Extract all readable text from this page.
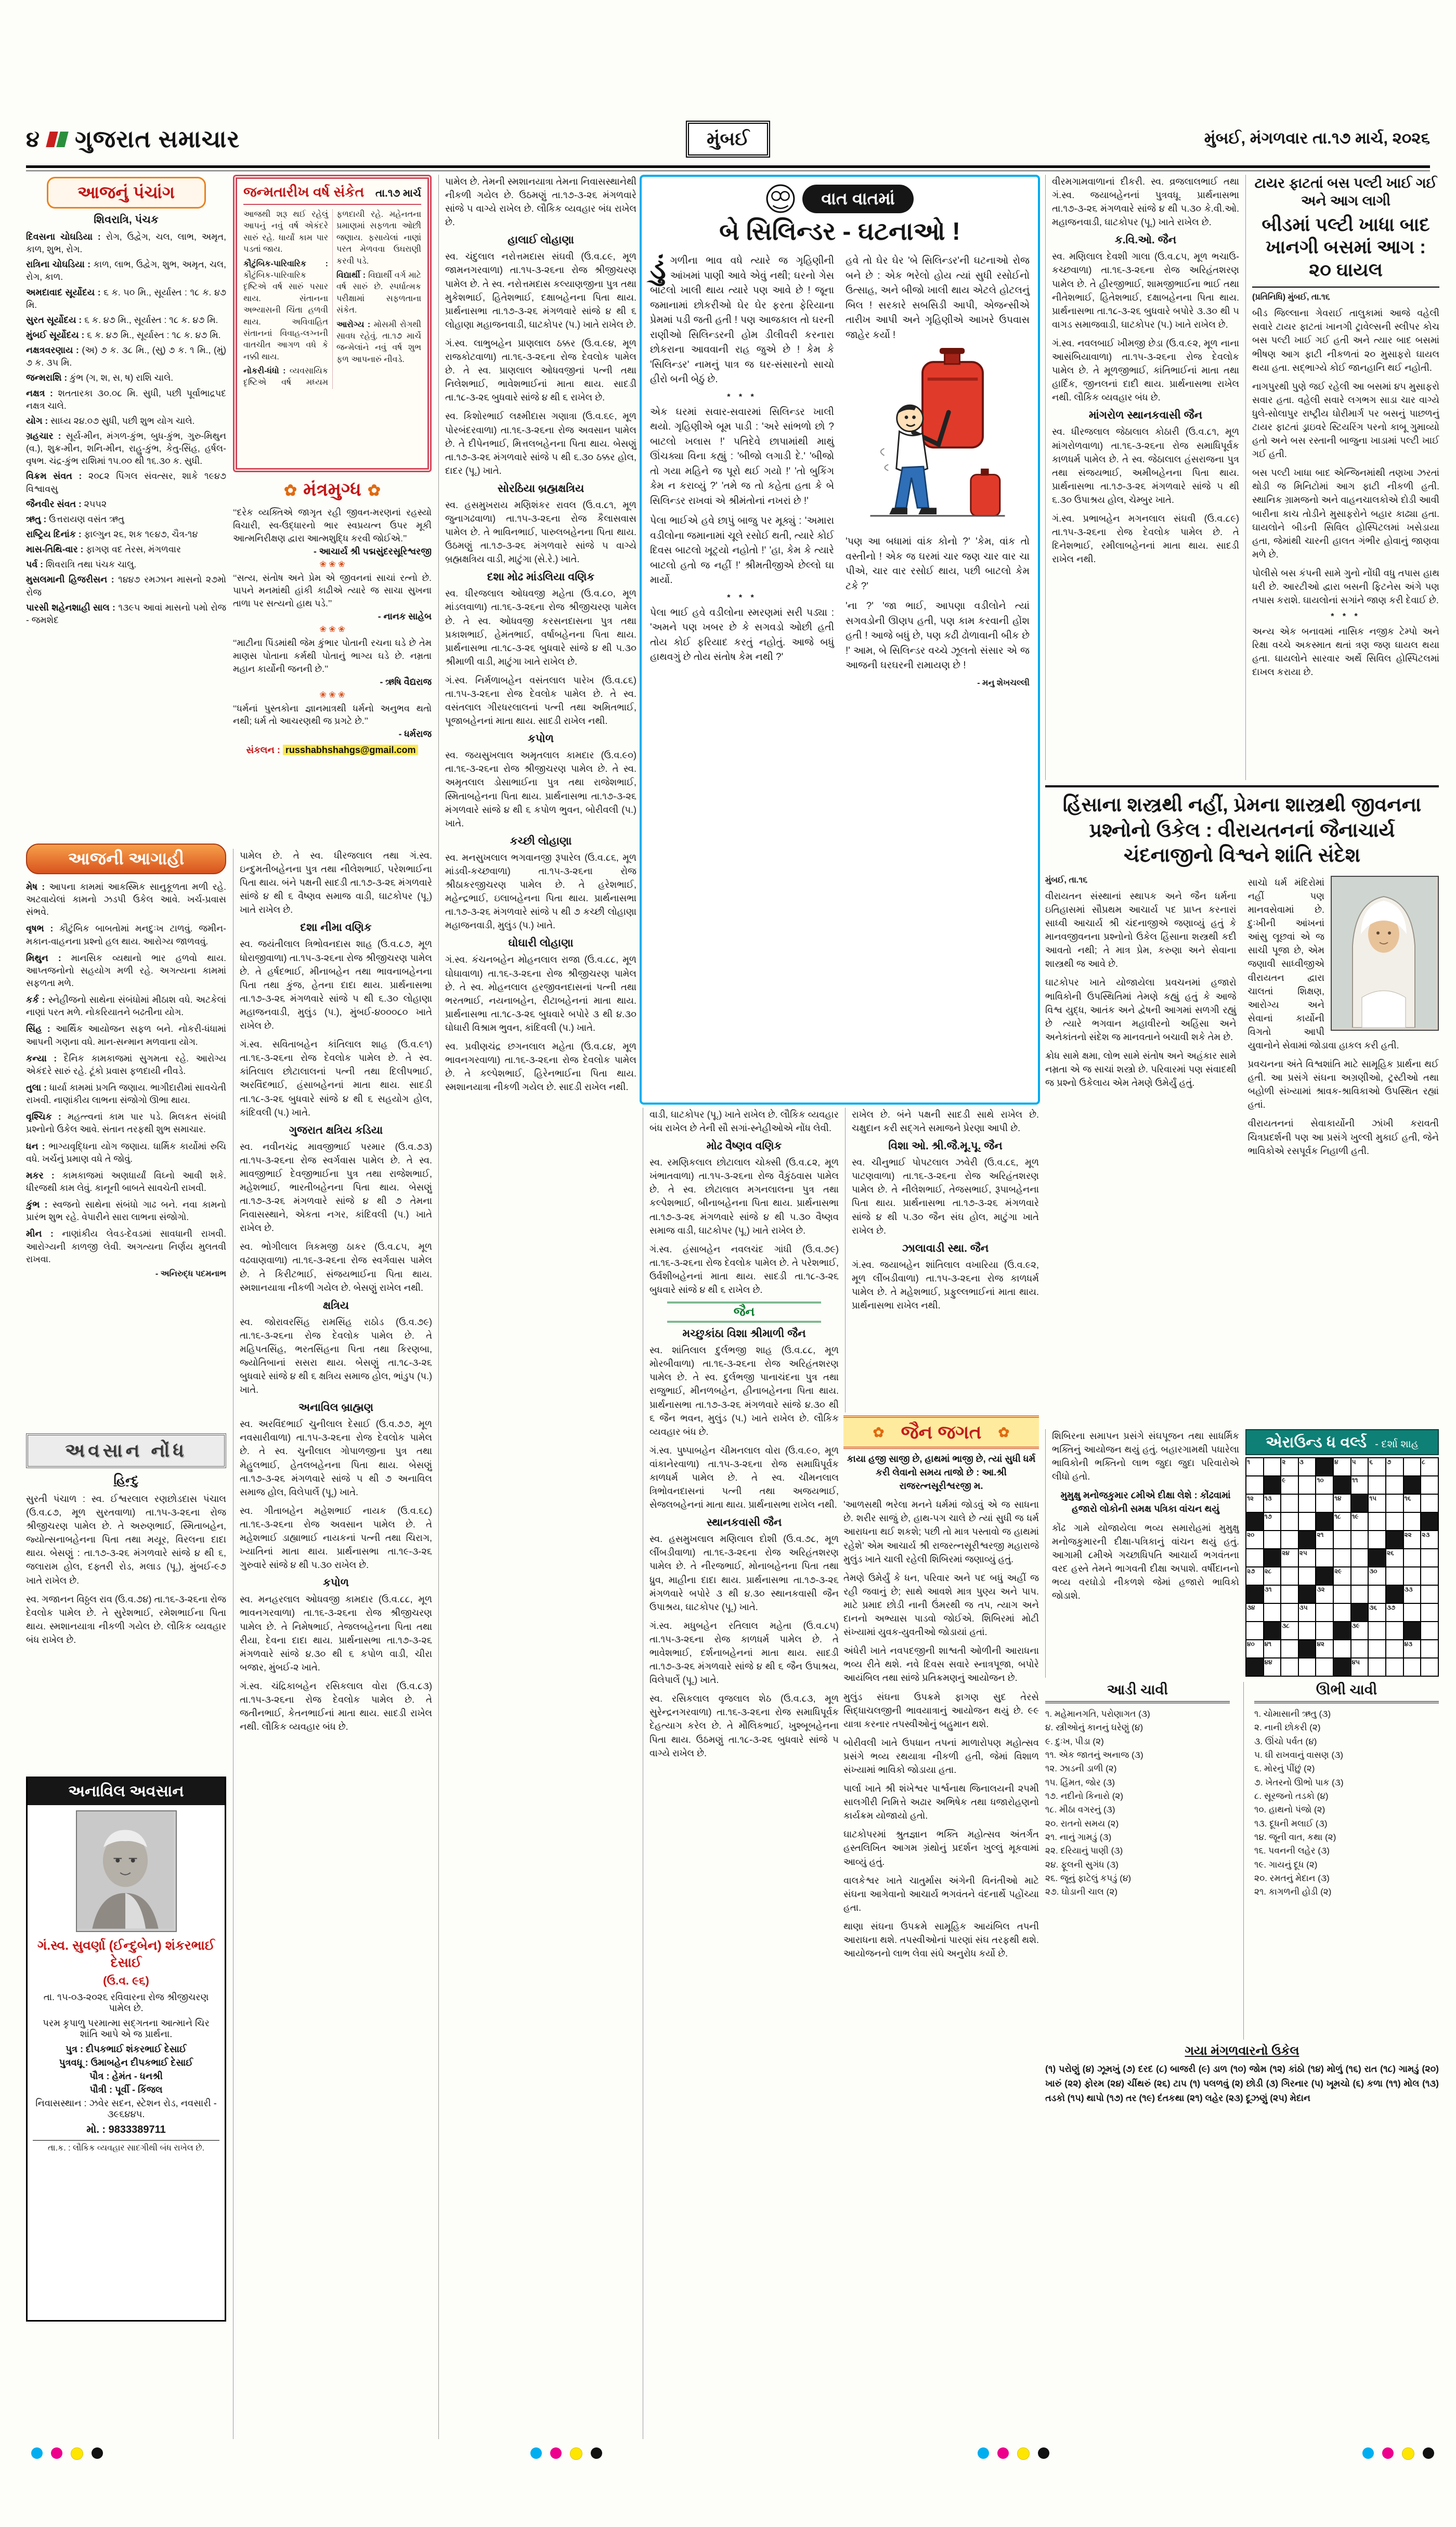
૪ ગુજરાત સમાચાર	મુંબઈ	મુંબઈ, મંગળવાર તા.૧૭ માર્ચ, ૨૦૨૬
આજનું પંચાંગ
શિવરાત્રિ, પંચક
દિવસના ચોઘડિયા : રોગ, ઉદ્વેગ, ચલ, લાભ, અમૃત, કાળ, શુભ, રોગ.
રાત્રિના ચોઘડિયા : કાળ, લાભ, ઉદ્વેગ, શુભ, અમૃત, ચલ, રોગ, કાળ.
અમદાવાદ સૂર્યોદય : ૬ ક. ૫૦ મિ., સૂર્યાસ્ત : ૧૮ ક. ૪૭ મિ.
સુરત સૂર્યોદય : ૬ ક. ૪૭ મિ., સૂર્યાસ્ત : ૧૮ ક. ૪૭ મિ.
મુંબઈ સૂર્યોદય : ૬ ક. ૪૭ મિ., સૂર્યાસ્ત : ૧૮ ક. ૪૭ મિ.
નક્ષત્રવરણાય : (અ) ૭ ક. ૩૮ મિ., (સુ) ૭ ક. ૧ મિ., (મું) ૭ ક. ૩૫ મિ.
જન્મરાશિ : કુંભ (ગ, શ, સ, ષ) રાશિ ચાલે.
નક્ષત્ર : શતતારકા ૩૦.૦૮ મિ. સુધી, પછી પૂર્વાભાદ્રપદ નક્ષત્ર ચાલે.
યોગ : સાધ્ય ૨૪.૦૭ સુધી, પછી શુભ યોગ ચાલે.
ગ્રહચાર : સૂર્ય-મીન, મંગળ-કુંભ, બુધ-કુંભ, ગુરુ-મિથુન (વ.), શુક્ર-મીન, શનિ-મીન, રાહુ-કુંભ, કેતુ-સિંહ, હર્ષલ-વૃષભ. ચંદ્ર-કુંભ રાશિમાં ૧૫.૦૦ થી ૧૬.૩૦ ક. સુધી.
વિક્રમ સંવત : ૨૦૮૨ પિંગલ સંવત્સર, શાકે ૧૯૪૭ વિશ્વાવસુ
જૈનવીર સંવત : ૨૫૫૨
ઋતુ : ઉત્તરાયણ વસંત ઋતુ
રાષ્ટ્રિય દિનાંક : ફાલ્ગુન ૨૬, શક ૧૯૪૭, ચૈત્ર-૧૪
માસ-તિથિ-વાર : ફાગણ વદ તેરસ, મંગળવાર
પર્વ : શિવરાત્રિ તથા પંચક ચાલુ.
મુસલમાની હિજરીસન : ૧૪૪૭ રમઝાન માસનો ૨૭મો રોજ
પારસી શહેનશાહી સાલ : ૧૩૯૫ આવાં માસનો ૫મો રોજ - જમશેદ
આજની આગાહી
મેષ : આપના કામમાં આકસ્મિક સાનુકૂળતા મળી રહે. અટવાયેલાં કામનો ઝડપી ઉકેલ આવે. ખર્ચ-પ્રવાસ સંભવે.
વૃષભ : કૌટુંબિક બાબતોમાં મનદુઃખ ટાળવું. જમીન-મકાન-વાહનના પ્રશ્નો હલ થાય. આરોગ્ય જાળવવું.
મિથુન : માનસિક વ્યથાનો ભાર હળવો થાય. આપ્તજનોનો સહયોગ મળી રહે. અગત્યના કામમાં સફળતા મળે.
કર્ક : સ્નેહીજનો સાથેના સંબંધોમાં મીઠાશ વધે. અટકેલાં નાણાં પરત મળે. નોકરિયાતને બઢતીના યોગ.
સિંહ : આર્થિક આયોજન સફળ બને. નોકરી-ધંધામાં આપની ગણના વધે. માન-સન્માન મળવાના યોગ.
કન્યા : દૈનિક કામકાજમાં સુગમતા રહે. આરોગ્ય એકંદરે સારું રહે. ટૂંકો પ્રવાસ ફળદાયી નીવડે.
તુલા : ધાર્યા કામમાં પ્રગતિ જણાય. ભાગીદારીમાં સાવચેતી રાખવી. નાણાંકીય લાભના સંજોગો ઊભા થાય.
વૃશ્ચિક : મહત્ત્વનાં કામ પાર પડે. મિલકત સંબંધી પ્રશ્નોનો ઉકેલ આવે. સંતાન તરફથી શુભ સમાચાર.
ધન : ભાગ્યવૃદ્ધિના યોગ જણાય. ધાર્મિક કાર્યોમાં રુચિ વધે. ખર્ચનું પ્રમાણ વધે તે જોવું.
મકર : કામકાજમાં અણધાર્યાં વિઘ્નો આવી શકે. ધીરજથી કામ લેવું. કાનૂની બાબતે સાવચેતી રાખવી.
કુંભ : સ્વજનો સાથેના સંબંધો ગાઢ બને. નવા કામનો પ્રારંભ શુભ રહે. વેપારીને સારા લાભના સંજોગો.
મીન : નાણાંકીય લેવડ-દેવડમાં સાવધાની રાખવી. આરોગ્યની કાળજી લેવી. અગત્યના નિર્ણય મુલતવી રાખવા.
- અનિરુદ્ધ પદમનાભ
અવસાન નોંધ
હિન્દુ
સુરતી પંચાળ : સ્વ. ઈશ્વરલાલ રણછોડદાસ પંચાલ (ઉ.વ.૮૭, મૂળ સુરતવાળા) તા.૧૫-૩-૨૬ના રોજ શ્રીજીચરણ પામેલ છે. તે અરુણભાઈ, સ્મિતાબહેન, જ્યોત્સનાબહેનના પિતા તથા મયૂર, વિરલના દાદા થાય. બેસણું : તા.૧૭-૩-૨૬ મંગળવારે સાંજે ૪ થી ૬, જલારામ હોલ, દફ્તરી રોડ, મલાડ (પૂ.), મુંબઈ-૯૭ ખાતે રાખેલ છે.
સ્વ. ગજાનન વિઠ્ઠલ રાવ (ઉ.વ.૭૪) તા.૧૬-૩-૨૬ના રોજ દેવલોક પામેલ છે. તે સુરેશભાઈ, રમેશભાઈના પિતા થાય. સ્મશાનયાત્રા નીકળી ગયેલ છે. લૌકિક વ્યવહાર બંધ રાખેલ છે.
અનાવિલ અવસાન
ગં.સ્વ. સુવર્ણા (ઈન્દુબેન) શંકરભાઈ દેસાઈ
(ઉ.વ. ૯૬)
તા. ૧૫-૦૩-૨૦૨૬ રવિવારના રોજ શ્રીજીચરણ પામેલ છે.
પરમ કૃપાળુ પરમાત્મા સદ્ગતના આત્માને ચિર શાંતિ આપે એ જ પ્રાર્થના.
પુત્ર : દીપકભાઈ શંકરભાઈ દેસાઈ
પુત્રવધૂ : ઉમાબહેન દીપકભાઈ દેસાઈ
પૌત્ર : હેમંત - ધનશ્રી
પૌત્રી : પૂર્વી - કિંજલ
નિવાસસ્થાન : ઝવેર સદન, સ્ટેશન રોડ, નવસારી - ૩૯૬૪૪૫.
મો. : 9833389711
તા.ક. : લૌકિક વ્યવહાર સાદગીથી બંધ રાખેલ છે.
જન્મતારીખ વર્ષ સંકેત તા.૧૭ માર્ચ
આજથી શરૂ થઈ રહેલું આપનું નવું વર્ષ એકંદરે સારું રહે. ધાર્યાં કામ પાર પડતાં જાય.
કૌટુંબિક-પારિવારિક : કૌટુંબિક-પારિવારિક દૃષ્ટિએ વર્ષ સારું પસાર થાય. સંતાનના અભ્યાસની ચિંતા હળવી થાય. અવિવાહિત સંતાનનાં વિવાહ-લગ્નની વાતચીત આગળ વધે કે નક્કી થાય.
નોકરી-ધંધો : વ્યવસાયિક દૃષ્ટિએ વર્ષ મધ્યમ ફળદાયી રહે. મહેનતના પ્રમાણમાં સફળતા ઓછી જણાય. ફસાયેલાં નાણાં પરત મેળવવા ઉઘરાણી કરવી પડે.
વિદ્યાર્થી : વિદ્યાર્થી વર્ગ માટે વર્ષ સારું છે. સ્પર્ધાત્મક પરીક્ષામાં સફળતાના સંકેત.
આરોગ્ય : મોસમી રોગથી સાવધ રહેવું. તા.૧૭ માર્ચે જન્મેલાંને નવું વર્ષ શુભ ફળ આપનારું નીવડે.
✿ મંત્રમુગ્ધ ✿
‘‘દરેક વ્યક્તિએ જાગૃત રહી જીવન-મરણનાં રહસ્યો વિચારી, સ્વ-ઉદ્ધારનો ભાર સ્વપ્રયત્ન ઉપર મૂકી આત્મનિરીક્ષણ દ્વારા આત્મશુદ્ધિ કરવી જોઈએ.’’
- આચાર્ય શ્રી પદ્મસુંદરસૂરિશ્વરજી
❀ ❀ ❀
‘‘સત્ય, સંતોષ અને પ્રેમ એ જીવનનાં સાચાં રત્નો છે. પાપને મનમાંથી હાંકી કાઢીએ ત્યારે જ સાચા સુખના તાળા પર સત્યનો હાથ પડે.’’
- નાનક સાહેબ
❀ ❀ ❀
‘‘માટીના પિંડમાંથી જેમ કુંભાર પોતાની રચના ઘડે છે તેમ માણસ પોતાના કર્મથી પોતાનું ભાગ્ય ઘડે છે. નમ્રતા મહાન કાર્યોની જનની છે.’’
- ઋષિ વૈદ્યરાજ
❀ ❀ ❀
‘‘ધર્મનાં પુસ્તકોના જ્ઞાનમાત્રથી ધર્મનો અનુભવ થતો નથી; ધર્મ તો આચરણથી જ પ્રગટે છે.’’
- ધર્મરાજ
સંકલન : russhabhshahgs@gmail.com
પામેલ છે. તે સ્વ. ધીરજલાલ તથા ગં.સ્વ. ઇન્દુમતીબહેનના પુત્ર તથા નીલેશભાઈ, પરેશભાઈના પિતા થાય. બંને પક્ષની સાદડી તા.૧૭-૩-૨૬ મંગળવારે સાંજે ૪ થી ૬ વૈષ્ણવ સમાજ વાડી, ઘાટકોપર (પૂ.) ખાતે રાખેલ છે.
દશા નીમા વણિક
સ્વ. જયંતીલાલ ત્રિભોવનદાસ શાહ (ઉ.વ.૮૭, મૂળ ધોરાજીવાળા) તા.૧૫-૩-૨૬ના રોજ શ્રીજીચરણ પામેલ છે. તે હર્ષદભાઈ, મીનાબહેન તથા ભાવનાબહેનના પિતા તથા કુંજ, હેતના દાદા થાય. પ્રાર્થનાસભા તા.૧૭-૩-૨૬ મંગળવારે સાંજે ૫ થી ૬.૩૦ લોહાણા મહાજનવાડી, મુલુંડ (પ.), મુંબઈ-૪૦૦૦૮૦ ખાતે રાખેલ છે.
ગં.સ્વ. સવિતાબહેન કાંતિલાલ શાહ (ઉ.વ.૯૧) તા.૧૬-૩-૨૬ના રોજ દેવલોક પામેલ છે. તે સ્વ. કાંતિલાલ છોટાલાલનાં પત્ની તથા દિલીપભાઈ, અરવિંદભાઈ, હંસાબહેનનાં માતા થાય. સાદડી તા.૧૮-૩-૨૬ બુધવારે સાંજે ૪ થી ૬ સહયોગ હોલ, કાંદિવલી (પ.) ખાતે.
ગુજરાત ક્ષત્રિય કડિયા
સ્વ. નવીનચંદ્ર માવજીભાઈ પરમાર (ઉ.વ.૭૩) તા.૧૫-૩-૨૬ના રોજ સ્વર્ગવાસ પામેલ છે. તે સ્વ. માવજીભાઈ દેવજીભાઈના પુત્ર તથા રાજેશભાઈ, મહેશભાઈ, ભારતીબહેનના પિતા થાય. બેસણું તા.૧૭-૩-૨૬ મંગળવારે સાંજે ૪ થી ૭ તેમના નિવાસસ્થાને, એકતા નગર, કાંદિવલી (પ.) ખાતે રાખેલ છે.
સ્વ. ભોગીલાલ ત્રિકમજી ઠાકર (ઉ.વ.૮૫, મૂળ વઢવાણવાળા) તા.૧૬-૩-૨૬ના રોજ સ્વર્ગવાસ પામેલ છે. તે કિરીટભાઈ, સંજયભાઈના પિતા થાય. સ્મશાનયાત્રા નીકળી ગયેલ છે. બેસણું રાખેલ નથી.
ક્ષત્રિય
સ્વ. જોરાવરસિંહ રામસિંહ રાઠોડ (ઉ.વ.૭૯) તા.૧૬-૩-૨૬ના રોજ દેવલોક પામેલ છે. તે મહિપતસિંહ, ભરતસિંહના પિતા તથા કિરણબા, જ્યોતિબાનાં સસરા થાય. બેસણું તા.૧૮-૩-૨૬ બુધવારે સાંજે ૪ થી ૬ ક્ષત્રિય સમાજ હોલ, ભાંડુપ (પ.) ખાતે.
અનાવિલ બ્રાહ્મણ
સ્વ. અરવિંદભાઈ ચુનીલાલ દેસાઈ (ઉ.વ.૭૭, મૂળ નવસારીવાળા) તા.૧૫-૩-૨૬ના રોજ દેવલોક પામેલ છે. તે સ્વ. ચુનીલાલ ગોપાળજીના પુત્ર તથા મેહુલભાઈ, હેતલબહેનના પિતા થાય. બેસણું તા.૧૭-૩-૨૬ મંગળવારે સાંજે ૫ થી ૭ અનાવિલ સમાજ હોલ, વિલેપાર્લે (પૂ.) ખાતે.
સ્વ. ગીતાબહેન મહેશભાઈ નાયક (ઉ.વ.૬૮) તા.૧૬-૩-૨૬ના રોજ અવસાન પામેલ છે. તે મહેશભાઈ ડાહ્યાભાઈ નાયકનાં પત્ની તથા ચિરાગ, ખ્યાતિનાં માતા થાય. પ્રાર્થનાસભા તા.૧૯-૩-૨૬ ગુરુવારે સાંજે ૪ થી ૫.૩૦ રાખેલ છે.
કપોળ
સ્વ. મનહરલાલ ઓધવજી કામદાર (ઉ.વ.૮૮, મૂળ ભાવનગરવાળા) તા.૧૬-૩-૨૬ના રોજ શ્રીજીચરણ પામેલ છે. તે નિમેષભાઈ, તેજલબહેનના પિતા તથા રીયા, દેવના દાદા થાય. પ્રાર્થનાસભા તા.૧૭-૩-૨૬ મંગળવારે સાંજે ૪.૩૦ થી ૬ કપોળ વાડી, ચીરા બજાર, મુંબઈ-૨ ખાતે.
ગં.સ્વ. ચંદ્રિકાબહેન રસિકલાલ વોરા (ઉ.વ.૮૩) તા.૧૫-૩-૨૬ના રોજ દેવલોક પામેલ છે. તે જતીનભાઈ, કેતનભાઈનાં માતા થાય. સાદડી રાખેલ નથી. લૌકિક વ્યવહાર બંધ છે.
પામેલ છે. તેમની સ્મશાનયાત્રા તેમના નિવાસસ્થાનેથી નીકળી ગયેલ છે. ઉઠમણું તા.૧૭-૩-૨૬ મંગળવારે સાંજે ૫ વાગ્યે રાખેલ છે. લૌકિક વ્યવહાર બંધ રાખેલ છે.
હાલાઈ લોહાણા
સ્વ. ચંદુલાલ નરોત્તમદાસ સંઘવી (ઉ.વ.૮૯, મૂળ જામનગરવાળા) તા.૧૫-૩-૨૬ના રોજ શ્રીજીચરણ પામેલ છે. તે સ્વ. નરોત્તમદાસ કલ્યાણજીના પુત્ર તથા મુકેશભાઈ, હિતેશભાઈ, દક્ષાબહેનના પિતા થાય. પ્રાર્થનાસભા તા.૧૭-૩-૨૬ મંગળવારે સાંજે ૪ થી ૬ લોહાણા મહાજનવાડી, ઘાટકોપર (પ.) ખાતે રાખેલ છે.
ગં.સ્વ. લાભુબહેન પ્રાણલાલ ઠક્કર (ઉ.વ.૯૪, મૂળ રાજકોટવાળા) તા.૧૬-૩-૨૬ના રોજ દેવલોક પામેલ છે. તે સ્વ. પ્રાણલાલ ઓધવજીનાં પત્ની તથા નિલેશભાઈ, ભાવેશભાઈનાં માતા થાય. સાદડી તા.૧૮-૩-૨૬ બુધવારે સાંજે ૪ થી ૬ રાખેલ છે.
સ્વ. કિશોરભાઈ લક્ષ્મીદાસ ગણાત્રા (ઉ.વ.૬૯, મૂળ પોરબંદરવાળા) તા.૧૬-૩-૨૬ના રોજ અવસાન પામેલ છે. તે દીપેનભાઈ, મિત્તલબહેનના પિતા થાય. બેસણું તા.૧૭-૩-૨૬ મંગળવારે સાંજે ૫ થી ૬.૩૦ ઠક્કર હોલ, દાદર (પૂ.) ખાતે.
સોરઠિયા બ્રહ્મક્ષત્રિય
સ્વ. હસમુખરાય મણિશંકર રાવલ (ઉ.વ.૮૧, મૂળ જુનાગઢવાળા) તા.૧૫-૩-૨૬ના રોજ કૈલાસવાસ પામેલ છે. તે ભાવિનભાઈ, પારુલબહેનના પિતા થાય. ઉઠમણું તા.૧૭-૩-૨૬ મંગળવારે સાંજે ૫ વાગ્યે બ્રહ્મક્ષત્રિય વાડી, માટુંગા (સે.રે.) ખાતે.
દશા મોઢ માંડલિયા વણિક
સ્વ. ધીરજલાલ ઓધવજી મહેતા (ઉ.વ.૮૦, મૂળ માંડલવાળા) તા.૧૬-૩-૨૬ના રોજ શ્રીજીચરણ પામેલ છે. તે સ્વ. ઓધવજી કરસનદાસના પુત્ર તથા પ્રકાશભાઈ, હેમંતભાઈ, વર્ષાબહેનના પિતા થાય. પ્રાર્થનાસભા તા.૧૮-૩-૨૬ બુધવારે સાંજે ૪ થી ૫.૩૦ શ્રીમાળી વાડી, માટુંગા ખાતે રાખેલ છે.
ગં.સ્વ. નિર્મળાબહેન વસંતલાલ પારેખ (ઉ.વ.૮૬) તા.૧૫-૩-૨૬ના રોજ દેવલોક પામેલ છે. તે સ્વ. વસંતલાલ ગીરધરલાલનાં પત્ની તથા અમિતભાઈ, પૂજાબહેનનાં માતા થાય. સાદડી રાખેલ નથી.
કપોળ
સ્વ. જયસુખલાલ અમૃતલાલ કામદાર (ઉ.વ.૯૦) તા.૧૬-૩-૨૬ના રોજ શ્રીજીચરણ પામેલ છે. તે સ્વ. અમૃતલાલ ડોસાભાઈના પુત્ર તથા રાજેશભાઈ, સ્મિતાબહેનના પિતા થાય. પ્રાર્થનાસભા તા.૧૭-૩-૨૬ મંગળવારે સાંજે ૪ થી ૬ કપોળ ભુવન, બોરીવલી (પ.) ખાતે.
કચ્છી લોહાણા
સ્વ. મનસુખલાલ ભગવાનજી રૂપારેલ (ઉ.વ.૮૬, મૂળ માંડવી-કચ્છવાળા) તા.૧૫-૩-૨૬ના રોજ શ્રીઠાકરજીચરણ પામેલ છે. તે હરેશભાઈ, મહેન્દ્રભાઈ, ઇલાબહેનના પિતા થાય. પ્રાર્થનાસભા તા.૧૭-૩-૨૬ મંગળવારે સાંજે ૫ થી ૭ કચ્છી લોહાણા મહાજનવાડી, મુલુંડ (પ.) ખાતે.
ઘોઘારી લોહાણા
ગં.સ્વ. કંચનબહેન મોહનલાલ રાજા (ઉ.વ.૮૮, મૂળ ઘોઘાવાળા) તા.૧૬-૩-૨૬ના રોજ શ્રીજીચરણ પામેલ છે. તે સ્વ. મોહનલાલ હરજીવનદાસનાં પત્ની તથા ભરતભાઈ, નયનાબહેન, રીટાબહેનનાં માતા થાય. પ્રાર્થનાસભા તા.૧૮-૩-૨૬ બુધવારે બપોરે ૩ થી ૪.૩૦ ઘોઘારી વિશ્રામ ભુવન, કાંદિવલી (પ.) ખાતે.
સ્વ. પ્રવીણચંદ્ર છગનલાલ મહેતા (ઉ.વ.૮૪, મૂળ ભાવનગરવાળા) તા.૧૬-૩-૨૬ના રોજ દેવલોક પામેલ છે. તે કલ્પેશભાઈ, હિરેનભાઈના પિતા થાય. સ્મશાનયાત્રા નીકળી ગયેલ છે. સાદડી રાખેલ નથી.
વાત વાતમાં
બે સિલિન્ડર - ઘટનાઓ !
ડુંગળીના ભાવ વધે ત્યારે જ ગૃહિણીની આંખમાં પાણી આવે એવું નથી; ઘરનો ગેસ બાટલો ખાલી થાય ત્યારે પણ આવે છે ! જૂના જમાનામાં છોકરીઓ ઘેર ઘેર ફરતા ફેરિયાના પ્રેમમાં પડી જતી હતી ! પણ આજકાલ તો ઘરની રાણીઓ સિલિન્ડરની હોમ ડીલીવરી કરનારા છોકરાના આવવાની રાહ જુએ છે ! કેમ કે 'સિલિન્ડર' નામનું પાત્ર જ ઘર-સંસારનો સાચો હીરો બની બેઠું છે.
* * *
એક ઘરમાં સવાર-સવારમાં સિલિન્ડર ખાલી થયો. ગૃહિણીએ બૂમ પાડી : 'અરે સાંભળો છો ? બાટલો ખલાસ !' પતિદેવે છાપામાંથી માથું ઊંચક્યા વિના કહ્યું : 'બીજો લગાડી દે.' 'બીજો તો ગયા મહિને જ પૂરો થઈ ગયો !' 'તો બુકિંગ કેમ ન કરાવ્યું ?' 'તમે જ તો કહેતા હતા કે બે સિલિન્ડર રાખવાં એ શ્રીમંતોનાં નખરાં છે !'
પેલા ભાઈએ હવે છાપું બાજુ પર મૂક્યું : 'અમારા વડીલોના જમાનામાં ચૂલે રસોઈ થતી, ત્યારે કોઈ દિવસ બાટલો ખૂટ્યો નહોતો !' 'હા, કેમ કે ત્યારે બાટલો હતો જ નહીં !' શ્રીમતીજીએ છેલ્લો ઘા માર્યો.
* * *
પેલા ભાઈ હવે વડીલોના સ્મરણમાં સરી પડ્યા : 'અમને પણ ખબર છે કે સગવડો ઓછી હતી તોય કોઈ ફરિયાદ કરતું નહોતું. આજે બધું હાથવગું છે તોય સંતોષ કેમ નથી ?'
હવે તો ઘેર ઘેર 'બે સિલિન્ડર'ની ઘટનાઓ રોજ બને છે : એક ભરેલો હોય ત્યાં સુધી રસોઈનો ઉત્સાહ, અને બીજો ખાલી થાય એટલે હોટલનું બિલ ! સરકારે સબસિડી આપી, એજન્સીએ તારીખ આપી અને ગૃહિણીએ આખરે ઉપવાસ જાહેર કર્યો !
'પણ આ બધામાં વાંક કોનો ?' 'કેમ, વાંક તો વસ્તીનો ! એક જ ઘરમાં ચાર જણ ચાર વાર ચા પીએ, ચાર વાર રસોઈ થાય, પછી બાટલો કેમ ટકે ?'
'ના ?' 'જા ભાઈ, આપણા વડીલોને ત્યાં સગવડોની ઊણપ હતી, પણ કામ કરવાની હોંશ હતી ! આજે બધું છે, પણ કઢી ઢોળાવાની બીક છે !' આમ, બે સિલિન્ડર વચ્ચે ઝૂલતો સંસાર એ જ આજની ઘરઘરની રામાયણ છે !
- મનુ શેખચલ્લી
વાડી, ઘાટકોપર (પૂ.) ખાતે રાખેલ છે. લૌકિક વ્યવહાર બંધ રાખેલ છે તેની સૌ સગાં-સ્નેહીઓએ નોંધ લેવી.
મોઢ વૈષ્ણવ વણિક
સ્વ. રમણિકલાલ છોટાલાલ ચોક્સી (ઉ.વ.૮૨, મૂળ ખંભાતવાળા) તા.૧૫-૩-૨૬ના રોજ વૈકુંઠવાસ પામેલ છે. તે સ્વ. છોટાલાલ મગનલાલના પુત્ર તથા કલ્પેશભાઈ, બીનાબહેનના પિતા થાય. પ્રાર્થનાસભા તા.૧૭-૩-૨૬ મંગળવારે સાંજે ૪ થી ૫.૩૦ વૈષ્ણવ સમાજ વાડી, ઘાટકોપર (પૂ.) ખાતે રાખેલ છે.
ગં.સ્વ. હંસાબહેન નવલચંદ ગાંધી (ઉ.વ.૭૯) તા.૧૬-૩-૨૬ના રોજ દેવલોક પામેલ છે. તે પરેશભાઈ, ઉર્વશીબહેનનાં માતા થાય. સાદડી તા.૧૮-૩-૨૬ બુધવારે સાંજે ૪ થી ૬ રાખેલ છે.
જૈન
મચ્છુકાંઠા વિશા શ્રીમાળી જૈન
સ્વ. શાંતિલાલ દુર્લભજી શાહ (ઉ.વ.૮૮, મૂળ મોરબીવાળા) તા.૧૬-૩-૨૬ના રોજ અરિહંતશરણ પામેલ છે. તે સ્વ. દુર્લભજી પાનાચંદના પુત્ર તથા રાજુભાઈ, મીનળબહેન, હીનાબહેનના પિતા થાય. પ્રાર્થનાસભા તા.૧૭-૩-૨૬ મંગળવારે સાંજે ૪.૩૦ થી ૬ જૈન ભવન, મુલુંડ (પ.) ખાતે રાખેલ છે. લૌકિક વ્યવહાર બંધ છે.
ગં.સ્વ. પુષ્પાબહેન ચીમનલાલ વોરા (ઉ.વ.૯૦, મૂળ વાંકાનેરવાળા) તા.૧૫-૩-૨૬ના રોજ સમાધિપૂર્વક કાળધર્મ પામેલ છે. તે સ્વ. ચીમનલાલ ત્રિભોવનદાસનાં પત્ની તથા અજયભાઈ, સેજલબહેનનાં માતા થાય. પ્રાર્થનાસભા રાખેલ નથી.
સ્થાનકવાસી જૈન
સ્વ. હસમુખલાલ મણિલાલ દોશી (ઉ.વ.૭૮, મૂળ લીંબડીવાળા) તા.૧૬-૩-૨૬ના રોજ અરિહંતશરણ પામેલ છે. તે નીરજભાઈ, મોનાબહેનના પિતા તથા ધ્રુવ, માહીના દાદા થાય. પ્રાર્થનાસભા તા.૧૭-૩-૨૬ મંગળવારે બપોરે ૩ થી ૪.૩૦ સ્થાનકવાસી જૈન ઉપાશ્રય, ઘાટકોપર (પૂ.) ખાતે.
ગં.સ્વ. મધુબહેન રતિલાલ મહેતા (ઉ.વ.૮૫) તા.૧૫-૩-૨૬ના રોજ કાળધર્મ પામેલ છે. તે ભાવેશભાઈ, દર્શનાબહેનનાં માતા થાય. સાદડી તા.૧૭-૩-૨૬ મંગળવારે સાંજે ૪ થી ૬ જૈન ઉપાશ્રય, વિલેપાર્લે (પૂ.) ખાતે.
સ્વ. રસિકલાલ વૃજલાલ શેઠ (ઉ.વ.૮૩, મૂળ સુરેન્દ્રનગરવાળા) તા.૧૬-૩-૨૬ના રોજ સમાધિપૂર્વક દેહત્યાગ કરેલ છે. તે મૌલિકભાઈ, ખુશ્બૂબહેનના પિતા થાય. ઉઠમણું તા.૧૮-૩-૨૬ બુધવારે સાંજે ૫ વાગ્યે રાખેલ છે.
રાખેલ છે. બંને પક્ષની સાદડી સાથે રાખેલ છે. ચક્ષુદાન કરી સદ્ગતે સમાજને પ્રેરણા આપી છે.
વિશા ઓ. શ્રી.જૈ.મૂ.પૂ. જૈન
સ્વ. ચીનુભાઈ પોપટલાલ ઝવેરી (ઉ.વ.૮૬, મૂળ પાટણવાળા) તા.૧૬-૩-૨૬ના રોજ અરિહંતશરણ પામેલ છે. તે નીલેશભાઈ, તેજસભાઈ, રૂપાબહેનના પિતા થાય. પ્રાર્થનાસભા તા.૧૭-૩-૨૬ મંગળવારે સાંજે ૪ થી ૫.૩૦ જૈન સંઘ હોલ, માટુંગા ખાતે રાખેલ છે.
ઝાલાવાડી સ્થા. જૈન
ગં.સ્વ. જયાબહેન શાંતિલાલ વખારિયા (ઉ.વ.૯૨, મૂળ લીંબડીવાળા) તા.૧૫-૩-૨૬ના રોજ કાળધર્મ પામેલ છે. તે મહેશભાઈ, પ્રફુલ્લભાઈનાં માતા થાય. પ્રાર્થનાસભા રાખેલ નથી.
✿ જૈન જગત ✿
કાયા હજી સાજી છે, હાથમાં ભાજી છે, ત્યાં સુધી ધર્મ કરી લેવાનો સમય તાજો છે : આ.શ્રી રાજરત્નસૂરીશ્વરજી મ.
'આળસથી ભરેલા મનને ધર્મમાં જોડવું એ જ સાધના છે. શરીર સાજું છે, હાથ-પગ ચાલે છે ત્યાં સુધી જ ધર્મ આરાધના થઈ શકશે; પછી તો માત્ર પસ્તાવો જ હાથમાં રહેશે' એમ આચાર્ય શ્રી રાજરત્નસૂરીશ્વરજી મહારાજે મુલુંડ ખાતે ચાલી રહેલી શિબિરમાં જણાવ્યું હતું.
તેમણે ઉમેર્યું કે ધન, પરિવાર અને પદ બધું અહીં જ રહી જવાનું છે; સાથે આવશે માત્ર પુણ્ય અને પાપ. માટે પ્રમાદ છોડી નાની ઉંમરથી જ તપ, ત્યાગ અને દાનનો અભ્યાસ પાડવો જોઈએ. શિબિરમાં મોટી સંખ્યામાં યુવક-યુવતીઓ જોડાયાં હતાં.
અંધેરી ખાતે નવપદજીની શાશ્વતી ઓળીની આરાધના ભવ્ય રીતે થશે. નવે દિવસ સવારે સ્નાત્રપૂજા, બપોરે આયંબિલ તથા સાંજે પ્રતિક્રમણનું આયોજન છે.
મુલુંડ સંઘના ઉપક્રમે ફાગણ સુદ તેરસે સિદ્ધાચલજીની ભાવયાત્રાનું આયોજન થયું છે. ૯૯ યાત્રા કરનાર તપસ્વીઓનું બહુમાન થશે.
બોરીવલી ખાતે ઉપધાન તપનાં માળારોપણ મહોત્સવ પ્રસંગે ભવ્ય રથયાત્રા નીકળી હતી, જેમાં વિશાળ સંખ્યામાં ભાવિકો જોડાયા હતા.
પાર્લા ખાતે શ્રી શંખેશ્વર પાર્શ્વનાથ જિનાલયની ૨૫મી સાલગીરી નિમિત્તે અઢાર અભિષેક તથા ધજારોહણનો કાર્યક્રમ યોજાયો હતો.
ઘાટકોપરમાં શ્રુતજ્ઞાન ભક્તિ મહોત્સવ અંતર્ગત હસ્તલિખિત આગમ ગ્રંથોનું પ્રદર્શન ખુલ્લું મૂકવામાં આવ્યું હતું.
વાલકેશ્વર ખાતે ચાતુર્માસ અંગેની વિનંતીઓ માટે સંઘના આગેવાનો આચાર્ય ભગવંતને વંદનાર્થે પહોંચ્યા હતા.
થાણા સંઘના ઉપક્રમે સામૂહિક આયંબિલ તપની આરાધના થશે. તપસ્વીઓનાં પારણાં સંઘ તરફથી થશે. આયોજનનો લાભ લેવા સંઘે અનુરોધ કર્યો છે.
વીરમગામવાળાનાં દીકરી. સ્વ. વ્રજલાલભાઈ તથા ગં.સ્વ. જયાબહેનનાં પુત્રવધૂ. પ્રાર્થનાસભા તા.૧૭-૩-૨૬ મંગળવારે સાંજે ૪ થી ૫.૩૦ કે.વી.ઓ. મહાજનવાડી, ઘાટકોપર (પૂ.) ખાતે રાખેલ છે.
ક.વિ.ઓ. જૈન
સ્વ. મણિલાલ દેવશી ગાલા (ઉ.વ.૮૫, મૂળ ભચાઉ-કચ્છવાળા) તા.૧૬-૩-૨૬ના રોજ અરિહંતશરણ પામેલ છે. તે હીરજીભાઈ, શામજીભાઈના ભાઈ તથા નીતેશભાઈ, હિતેશભાઈ, દક્ષાબહેનના પિતા થાય. પ્રાર્થનાસભા તા.૧૮-૩-૨૬ બુધવારે બપોરે ૩.૩૦ થી ૫ વાગડ સમાજવાડી, ઘાટકોપર (પ.) ખાતે રાખેલ છે.
ગં.સ્વ. નવલબાઈ ખીમજી છેડા (ઉ.વ.૯૨, મૂળ નાના આસંબિયાવાળા) તા.૧૫-૩-૨૬ના રોજ દેવલોક પામેલ છે. તે મૂળજીભાઈ, કાંતિભાઈનાં માતા તથા હાર્દિક, જીનલનાં દાદી થાય. પ્રાર્થનાસભા રાખેલ નથી. લૌકિક વ્યવહાર બંધ છે.
માંગરોળ સ્થાનકવાસી જૈન
સ્વ. ધીરજલાલ જેઠાલાલ કોઠારી (ઉ.વ.૮૧, મૂળ માંગરોળવાળા) તા.૧૬-૩-૨૬ના રોજ સમાધિપૂર્વક કાળધર્મ પામેલ છે. તે સ્વ. જેઠાલાલ હંસરાજના પુત્ર તથા સંજયભાઈ, અમીબહેનના પિતા થાય. પ્રાર્થનાસભા તા.૧૭-૩-૨૬ મંગળવારે સાંજે ૫ થી ૬.૩૦ ઉપાશ્રય હોલ, ચેમ્બુર ખાતે.
ગં.સ્વ. પ્રભાબહેન મગનલાલ સંઘવી (ઉ.વ.૮૯) તા.૧૫-૩-૨૬ના રોજ દેવલોક પામેલ છે. તે દિનેશભાઈ, રમીલાબહેનનાં માતા થાય. સાદડી રાખેલ નથી.
ટાયર ફાટતાં બસ પલ્ટી ખાઈ ગઈ અને આગ લાગી
બીડમાં પલ્ટી ખાધા બાદ ખાનગી બસમાં આગ : ૨૦ ઘાયલ
(પ્રતિનિધિ) મુંબઈ, તા.૧૬
બીડ જિલ્લાના ગેવરાઈ તાલુકામાં આજે વહેલી સવારે ટાયર ફાટતાં ખાનગી ટ્રાવેલ્સની સ્લીપર કોચ બસ પલ્ટી ખાઈ ગઈ હતી અને ત્યાર બાદ બસમાં ભીષણ આગ ફાટી નીકળતાં ૨૦ મુસાફરો ઘાયલ થયા હતા. સદ્ભાગ્યે કોઈ જાનહાનિ થઈ નહોતી.
નાગપુરથી પુણે જઈ રહેલી આ બસમાં ૪૫ મુસાફરો સવાર હતા. વહેલી સવારે લગભગ સાડા ચાર વાગ્યે ધુલે-સોલાપુર રાષ્ટ્રીય ધોરીમાર્ગ પર બસનું પાછળનું ટાયર ફાટતાં ડ્રાઇવરે સ્ટિયરિંગ પરનો કાબૂ ગુમાવ્યો હતો અને બસ રસ્તાની બાજુના ખાડામાં પલ્ટી ખાઈ ગઈ હતી.
બસ પલ્ટી ખાધા બાદ એન્જિનમાંથી તણખા ઝરતાં થોડી જ મિનિટોમાં આગ ફાટી નીકળી હતી. સ્થાનિક ગ્રામજનો અને વાહનચાલકોએ દોડી આવી બારીના કાચ તોડીને મુસાફરોને બહાર કાઢ્યા હતા. ઘાયલોને બીડની સિવિલ હોસ્પિટલમાં ખસેડાયા હતા, જેમાંથી ચારની હાલત ગંભીર હોવાનું જાણવા મળે છે.
પોલીસે બસ કંપની સામે ગુનો નોંધી વધુ તપાસ હાથ ધરી છે. આરટીઓ દ્વારા બસની ફિટનેસ અંગે પણ તપાસ કરાશે. ઘાયલોનાં સગાંને જાણ કરી દેવાઈ છે.
* * *
અન્ય એક બનાવમાં નાસિક નજીક ટેમ્પો અને રિક્ષા વચ્ચે અકસ્માત થતાં ત્રણ જણ ઘાયલ થયા હતા. ઘાયલોને સારવાર અર્થે સિવિલ હોસ્પિટલમાં દાખલ કરાયા છે.
હિંસાના શસ્ત્રથી નહીં, પ્રેમના શાસ્ત્રથી જીવનના પ્રશ્નોનો ઉકેલ : વીરાયતનનાં જૈનાચાર્ય ચંદનાજીનો વિશ્વને શાંતિ સંદેશ
મુંબઈ, તા.૧૬
વીરાયતન સંસ્થાનાં સ્થાપક અને જૈન ધર્મના ઇતિહાસમાં સૌપ્રથમ આચાર્ય પદ પ્રાપ્ત કરનારાં સાધ્વી આચાર્ય શ્રી ચંદનાજીએ જણાવ્યું હતું કે માનવજીવનના પ્રશ્નોનો ઉકેલ હિંસાના શસ્ત્રથી કદી આવતો નથી; તે માત્ર પ્રેમ, કરુણા અને સેવાના શાસ્ત્રથી જ આવે છે.
ઘાટકોપર ખાતે યોજાયેલા પ્રવચનમાં હજારો ભાવિકોની ઉપસ્થિતિમાં તેમણે કહ્યું હતું કે આજે વિશ્વ યુદ્ધ, આતંક અને દ્વેષની આગમાં સળગી રહ્યું છે ત્યારે ભગવાન મહાવીરનો અહિંસા અને અનેકાંતનો સંદેશ જ માનવતાને બચાવી શકે તેમ છે.
ક્રોધ સામે ક્ષમા, લોભ સામે સંતોષ અને અહંકાર સામે નમ્રતા એ જ સાચાં શસ્ત્રો છે. પરિવારમાં પણ સંવાદથી જ પ્રશ્નો ઉકેલાય એમ તેમણે ઉમેર્યું હતું.
સાચો ધર્મ મંદિરોમાં નહીં પણ માનવસેવામાં છે. દુઃખીની આંખનાં આંસુ લૂછવાં એ જ સાચી પૂજા છે, એમ જણાવી સાધ્વીજીએ વીરાયતન દ્વારા ચાલતાં શિક્ષણ, આરોગ્ય અને સેવાનાં કાર્યોની વિગતો આપી યુવાનોને સેવામાં જોડાવા હાકલ કરી હતી.
પ્રવચનના અંતે વિશ્વશાંતિ માટે સામૂહિક પ્રાર્થના થઈ હતી. આ પ્રસંગે સંઘના અગ્રણીઓ, ટ્રસ્ટીઓ તથા બહોળી સંખ્યામાં શ્રાવક-શ્રાવિકાઓ ઉપસ્થિત રહ્યાં હતાં.
વીરાયતનનાં સેવાકાર્યોની ઝાંખી કરાવતી ચિત્રપ્રદર્શની પણ આ પ્રસંગે ખુલ્લી મુકાઈ હતી, જેને ભાવિકોએ રસપૂર્વક નિહાળી હતી.
એરાઉન્ડ ધ વર્લ્ડ - દર્શા શાહ
૧		૨	૩		૪	૫	૬	૭		૮
		૯		૧૦		૧૧				
૧૨	૧૩				૧૪		૧૫		૧૬	
	૧૭				૧૮	૧૯				
૨૦				૨૧					૨૨	૨૩
		૨૪	૨૫					૨૬		
૨૭	૨૮				૨૯		૩૦			
	૩૧			૩૨					૩૩	
૩૪			૩૫				૩૬	૩૭		
		૩૮				૩૯				
૪૦	૪૧			૪૨					૪૩	
	૪૪					૪૫				
શિબિરના સમાપન પ્રસંગે સંઘપૂજન તથા સાધર્મિક ભક્તિનું આયોજન થયું હતું. બહારગામથી પધારેલા ભાવિકોની ભક્તિનો લાભ જુદા જુદા પરિવારોએ લીધો હતો.
મુમુક્ષુ મનોજકુમાર ૮મીએ દીક્ષા લેશે : કોંઢવામાં હજારો લોકોની સમક્ષ પત્રિકા વાંચન થયું
કોંઢ ગામે યોજાયેલા ભવ્ય સમારોહમાં મુમુક્ષુ મનોજકુમારની દીક્ષા-પત્રિકાનું વાંચન થયું હતું. આગામી ૮મીએ ગચ્છાધિપતિ આચાર્ય ભગવંતના વરદ હસ્તે તેમને ભાગવતી દીક્ષા અપાશે. વર્ષીદાનનો ભવ્ય વરઘોડો નીકળશે જેમાં હજારો ભાવિકો જોડાશે.
આડી ચાવી
૧. મહેમાનગતિ, પરોણાગત (૩)
૪. સ્ત્રીઓનું કાનનું ઘરેણું (૪)
૯. દુઃખ, પીડા (૨)
૧૧. એક જાતનું અનાજ (૩)
૧૨. ઝાડની ડાળી (૨)
૧૫. હિંમત, જોર (૩)
૧૭. નદીનો કિનારો (૨)
૧૮. મીઠા વગરનું (૩)
૨૦. રાતનો સમય (૨)
૨૧. નાનું ગામડું (૩)
૨૨. દરિયાનું પાણી (૩)
૨૪. ફૂલની સુગંધ (૩)
૨૬. જૂનું ફાટેલું કપડું (૪)
૨૭. ઘોડાની ચાલ (૨)
ઊભી ચાવી
૧. ચોમાસાની ઋતુ (૩)
૨. નાની છોકરી (૨)
૩. ઊંચો પર્વત (૪)
૫. ઘી રાખવાનું વાસણ (૩)
૬. મોરનું પીંછું (૨)
૭. ખેતરનો ઊભો પાક (૩)
૮. સૂરજનો તડકો (૪)
૧૦. હાથનો પંજો (૨)
૧૩. દૂધની મલાઈ (૩)
૧૪. જૂની વાત, કથા (૨)
૧૬. પવનની લહેર (૩)
૧૯. ગાયનું દૂધ (૨)
૨૦. રમતનું મેદાન (૩)
૨૧. કાગળની હોડી (૨)
ગયા મંગળવારનો ઉકેલ
(૧) પરોણું (૪) ઝૂમખું (૭) દરદ (૮) બાજરી (૯) ડાળ (૧૦) જોમ (૧૨) કાંઠો (૧૪) મોળું (૧૬) રાત (૧૮) ગામડું (૨૦) ખારું (૨૨) ફોરમ (૨૪) ચીંથરું (૨૬) ટાપ (૧) પલળવું (૨) છોડી (૩) ગિરનાર (૫) ખૂમચો (૬) કળા (૧૧) મોલ (૧૩) તડકો (૧૫) થાપો (૧૭) તર (૧૯) દંતકથા (૨૧) લહેર (૨૩) દૂઝણું (૨૫) મેદાન
